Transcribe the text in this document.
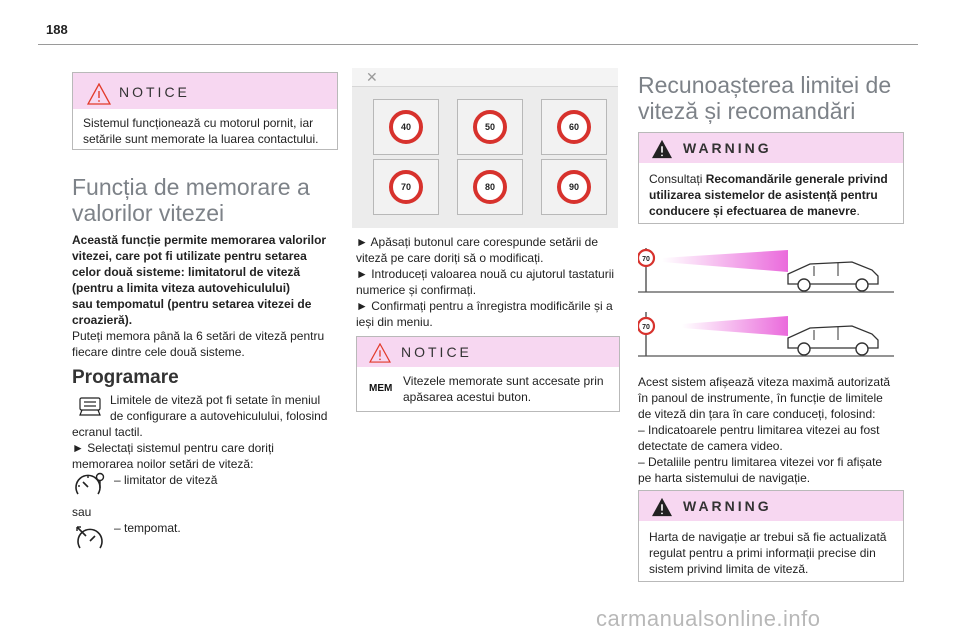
188
NOTICE
Sistemul funcționează cu motorul pornit, iar
setările sunt memorate la luarea contactului.
Funcția de memorare a
valorilor vitezei
Această funcție permite memorarea valorilor
vitezei, care pot fi utilizate pentru setarea
celor două sisteme: limitatorul de viteză
(pentru a limita viteza autovehiculului)
sau tempomatul (pentru setarea vitezei de
croazieră).
Puteți memora până la 6 setări de viteză pentru
fiecare dintre cele două sisteme.
Programare
Limitele de viteză pot fi setate în meniul
de configurare a autovehiculului, folosind
ecranul tactil.
► Selectați sistemul pentru care doriți
memorarea noilor setări de viteză:
– limitator de viteză
sau
– tempomat.
✕
40	50	60
70	80	90
► Apăsați butonul care corespunde setării de
viteză pe care doriți să o modificați.
► Introduceți valoarea nouă cu ajutorul tastaturii
numerice și confirmați.
► Confirmați pentru a înregistra modificările și a
ieși din meniu.
NOTICE
MEM
Vitezele memorate sunt accesate prin
apăsarea acestui buton.
Recunoașterea limitei de
viteză și recomandări
WARNING
Consultați Recomandările generale privind
utilizarea sistemelor de asistență pentru
conducere și efectuarea de manevre.
70
70
Acest sistem afișează viteza maximă autorizată
în panoul de instrumente, în funcție de limitele
de viteză din țara în care conduceți, folosind:
– Indicatoarele pentru limitarea vitezei au fost
detectate de camera video.
– Detaliile pentru limitarea vitezei vor fi afișate
pe harta sistemului de navigație.
WARNING
Harta de navigație ar trebui să fie actualizată
regulat pentru a primi informații precise din
sistem privind limita de viteză.
carmanualsonline.info
